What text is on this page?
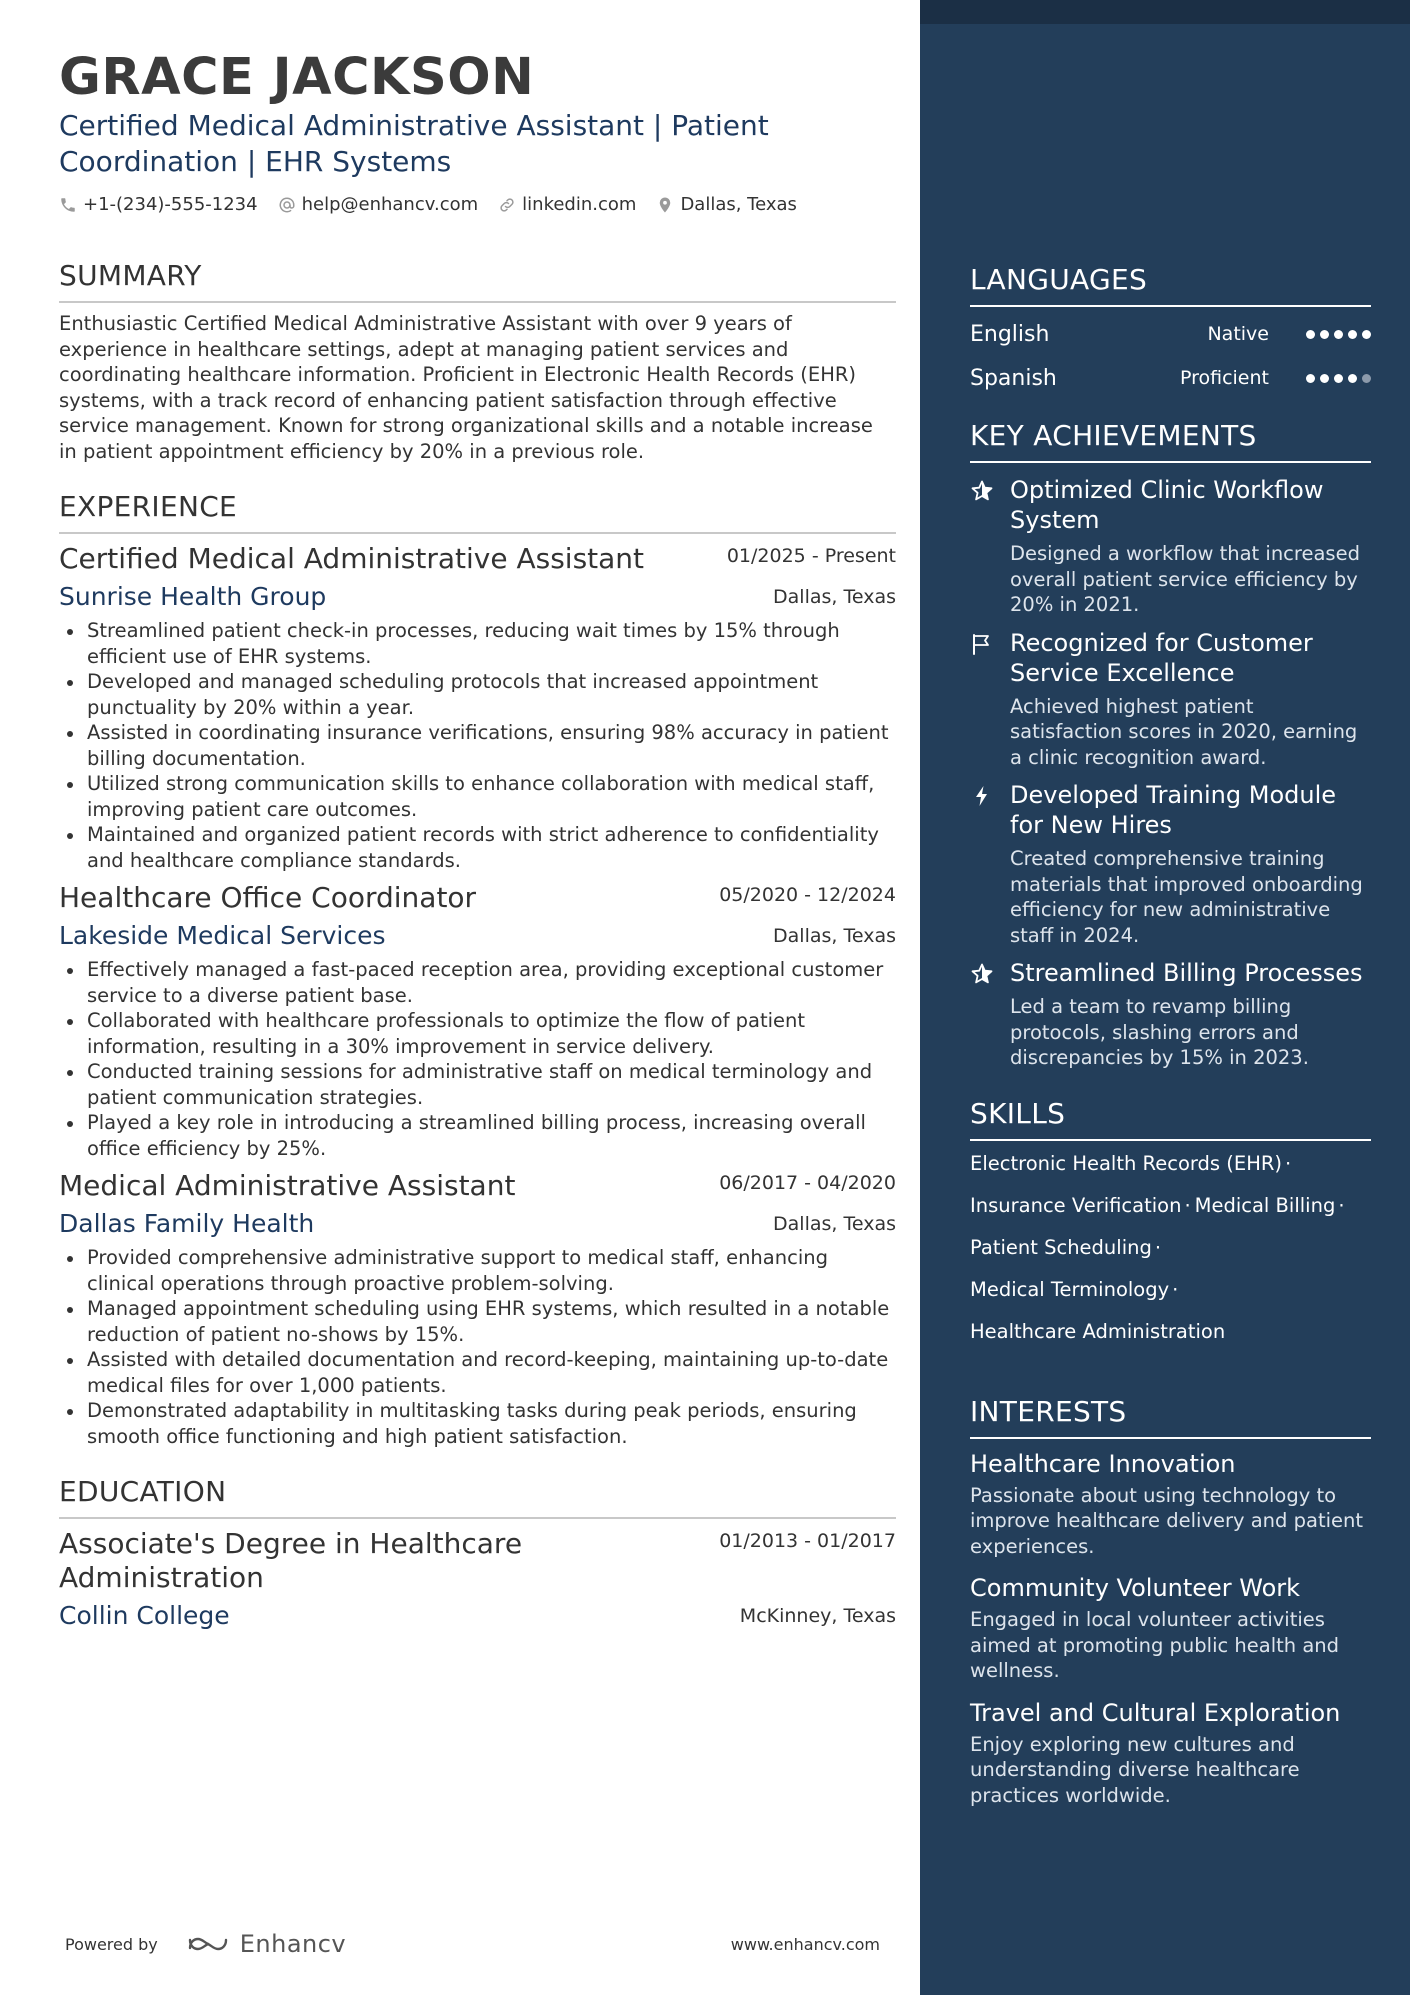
GRACE JACKSON
Certified Medical Administrative Assistant | Patient Coordination | EHR Systems
+1-(234)-555-1234 help@enhancv.com linkedin.com Dallas, Texas
SUMMARY
Enthusiastic Certified Medical Administrative Assistant with over 9 years of experience in healthcare settings, adept at managing patient services and coordinating healthcare information. Proficient in Electronic Health Records (EHR) systems, with a track record of enhancing patient satisfaction through effective service management. Known for strong organizational skills and a notable increase in patient appointment efficiency by 20% in a previous role.
EXPERIENCE
Certified Medical Administrative Assistant	01/2025 - Present
Sunrise Health Group	Dallas, Texas
Streamlined patient check-in processes, reducing wait times by 15% through efficient use of EHR systems.
Developed and managed scheduling protocols that increased appointment punctuality by 20% within a year.
Assisted in coordinating insurance verifications, ensuring 98% accuracy in patient billing documentation.
Utilized strong communication skills to enhance collaboration with medical staff, improving patient care outcomes.
Maintained and organized patient records with strict adherence to confidentiality and healthcare compliance standards.
Healthcare Office Coordinator	05/2020 - 12/2024
Lakeside Medical Services	Dallas, Texas
Effectively managed a fast-paced reception area, providing exceptional customer service to a diverse patient base.
Collaborated with healthcare professionals to optimize the flow of patient information, resulting in a 30% improvement in service delivery.
Conducted training sessions for administrative staff on medical terminology and patient communication strategies.
Played a key role in introducing a streamlined billing process, increasing overall office efficiency by 25%.
Medical Administrative Assistant	06/2017 - 04/2020
Dallas Family Health	Dallas, Texas
Provided comprehensive administrative support to medical staff, enhancing clinical operations through proactive problem-solving.
Managed appointment scheduling using EHR systems, which resulted in a notable reduction of patient no-shows by 15%.
Assisted with detailed documentation and record-keeping, maintaining up-to-date medical files for over 1,000 patients.
Demonstrated adaptability in multitasking tasks during peak periods, ensuring smooth office functioning and high patient satisfaction.
EDUCATION
Associate's Degree in Healthcare Administration
01/2013 - 01/2017
Collin College	McKinney, Texas
Powered by	Enhancv	www.enhancv.com
LANGUAGES
English	Native
Spanish	Proficient
KEY ACHIEVEMENTS
Optimized Clinic Workflow System
Designed a workflow that increased overall patient service efficiency by 20% in 2021.
Recognized for Customer Service Excellence
Achieved highest patient satisfaction scores in 2020, earning a clinic recognition award.
Developed Training Module for New Hires
Created comprehensive training materials that improved onboarding efficiency for new administrative staff in 2024.
Streamlined Billing Processes
Led a team to revamp billing protocols, slashing errors and discrepancies by 15% in 2023.
SKILLS
Electronic Health Records (EHR) ·
Insurance Verification · Medical Billing ·
Patient Scheduling ·
Medical Terminology ·
Healthcare Administration
INTERESTS
Healthcare Innovation
Passionate about using technology to improve healthcare delivery and patient experiences.
Community Volunteer Work
Engaged in local volunteer activities aimed at promoting public health and wellness.
Travel and Cultural Exploration
Enjoy exploring new cultures and understanding diverse healthcare practices worldwide.
